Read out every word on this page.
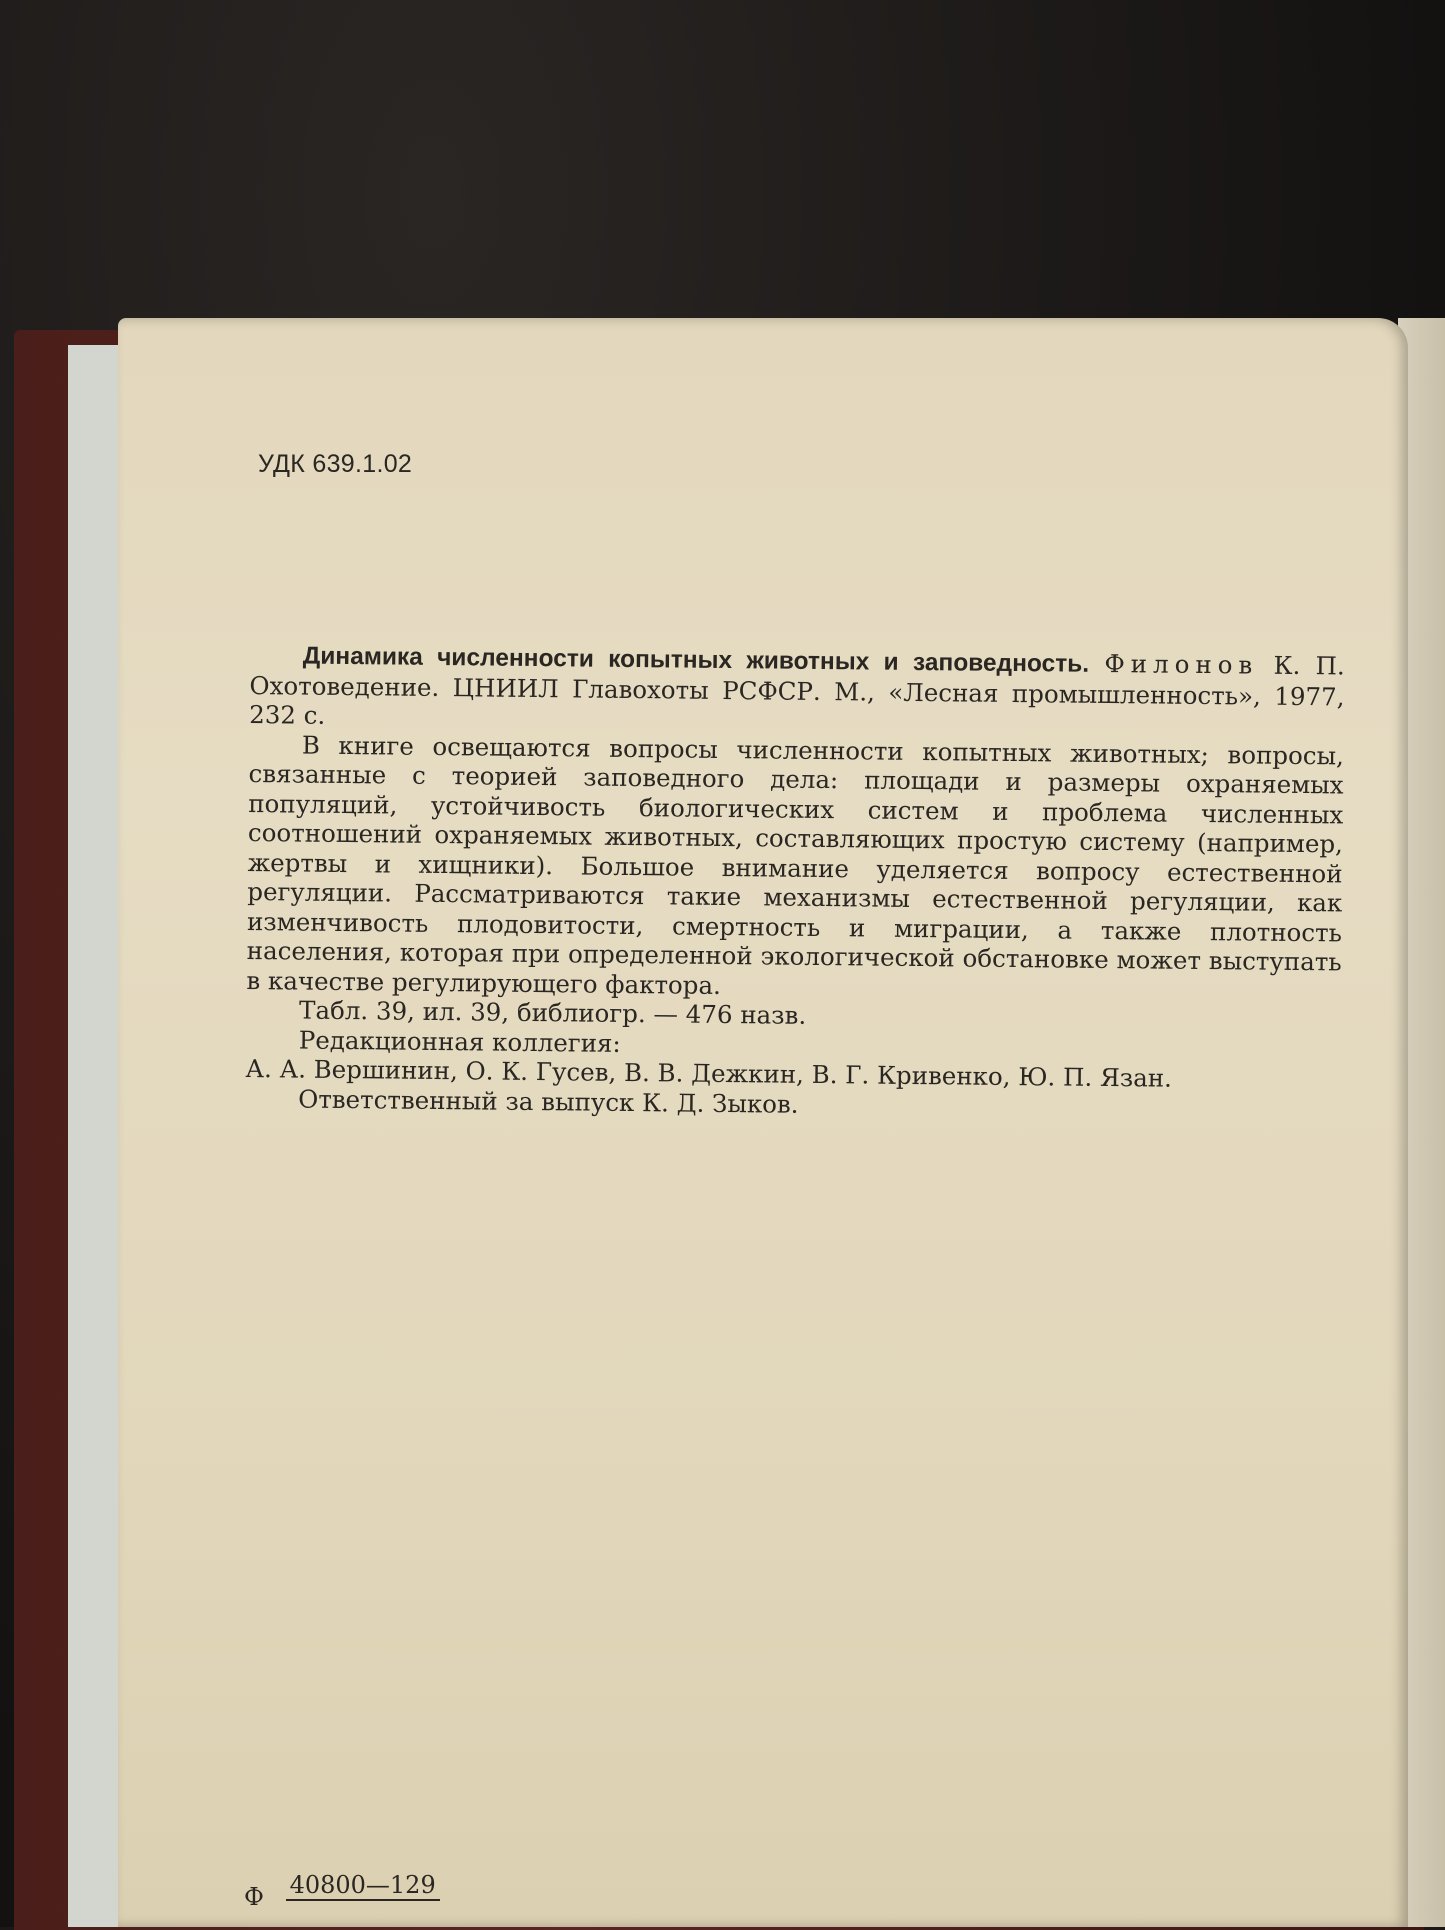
УДК 639.1.02

Динамика численности копытных животных и заповедность. Филонов К. П. Охотоведение. ЦНИИЛ Главохоты РСФСР. М., «Лесная промышленность», 1977, 232 с.

В книге освещаются вопросы численности копытных животных; вопросы, связанные с теорией заповедного дела: площади и размеры охраняемых популяций, устойчивость биологических систем и проблема численных соотношений охраняемых животных, составляющих простую систему (например, жертвы и хищники). Большое внимание уделяется вопросу естественной регуляции. Рассматриваются такие механизмы естественной регуляции, как изменчивость плодовитости, смертность и миграции, а также плотность населения, которая при определенной экологической обстановке может выступать в качестве регулирующего фактора.

Табл. 39, ил. 39, библиогр. — 476 назв.

Редакционная коллегия:

А. А. Вершинин, О. К. Гусев, В. В. Дежкин, В. Г. Кривенко, Ю. П. Язан.

Ответственный за выпуск К. Д. Зыков.

Ф 40800—129
